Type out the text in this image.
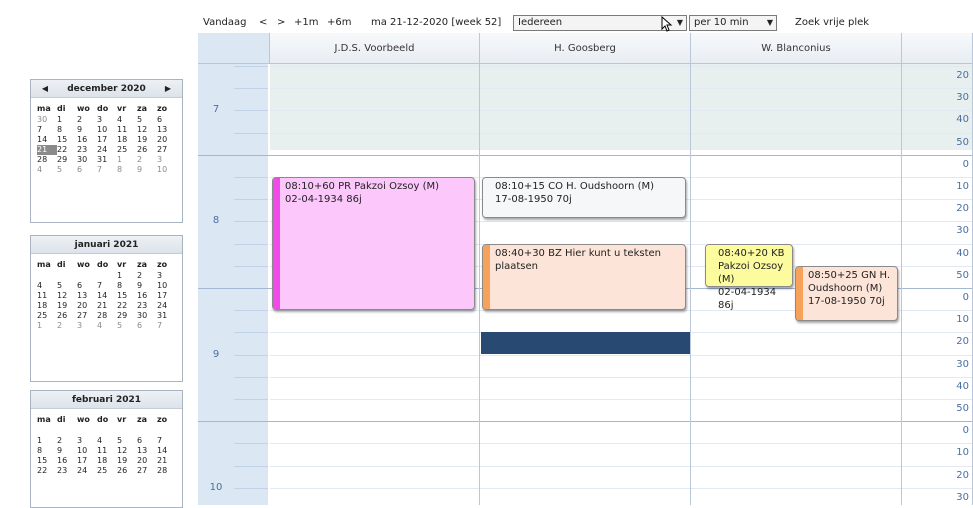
Vandaag < > +1m +6m ma 21-12-2020 [week 52]	Iedereen	▼	per 10 min ▼ Zoek vrije plek
◀	▶
december 2020
ma	di	wo	do	vr	za	zo
30	1	2	3	4	5	6
7	8	9	10	11	12	13
14	15	16	17	18	19	20
21	22	23	24	25	26	27
28	29	30	31	1	2	3
4	5	6	7	8	9	10
januari 2021
ma	di	wo	do	vr	za	zo
				1	2	3
4	5	6	7	8	9	10
11	12	13	14	15	16	17
18	19	20	21	22	23	24
25	26	27	28	29	30	31
1	2	3	4	5	6	7
februari 2021
ma	di	wo	do	vr	za	zo

1	2	3	4	5	6	7
8	9	10	11	12	13	14
15	16	17	18	19	20	21
22	23	24	25	26	27	28
J.D.S. Voorbeeld	H. Goosberg	W. Blanconius
20
30
40
50
0
10
20
30
40
50
0
10
20
30
40
50
0
10
20
30
7
8
9
10
08:10+60 PR Pakzoi Ozsoy (M)
02-04-1934 86j
08:10+15 CO H. Oudshoorn (M)
17-08-1950 70j
08:40+30 BZ Hier kunt u teksten
plaatsen
08:40+20 KB
Pakzoi Ozsoy (M)
02-04-1934 86j
08:50+25 GN H.
Oudshoorn (M)
17-08-1950 70j
